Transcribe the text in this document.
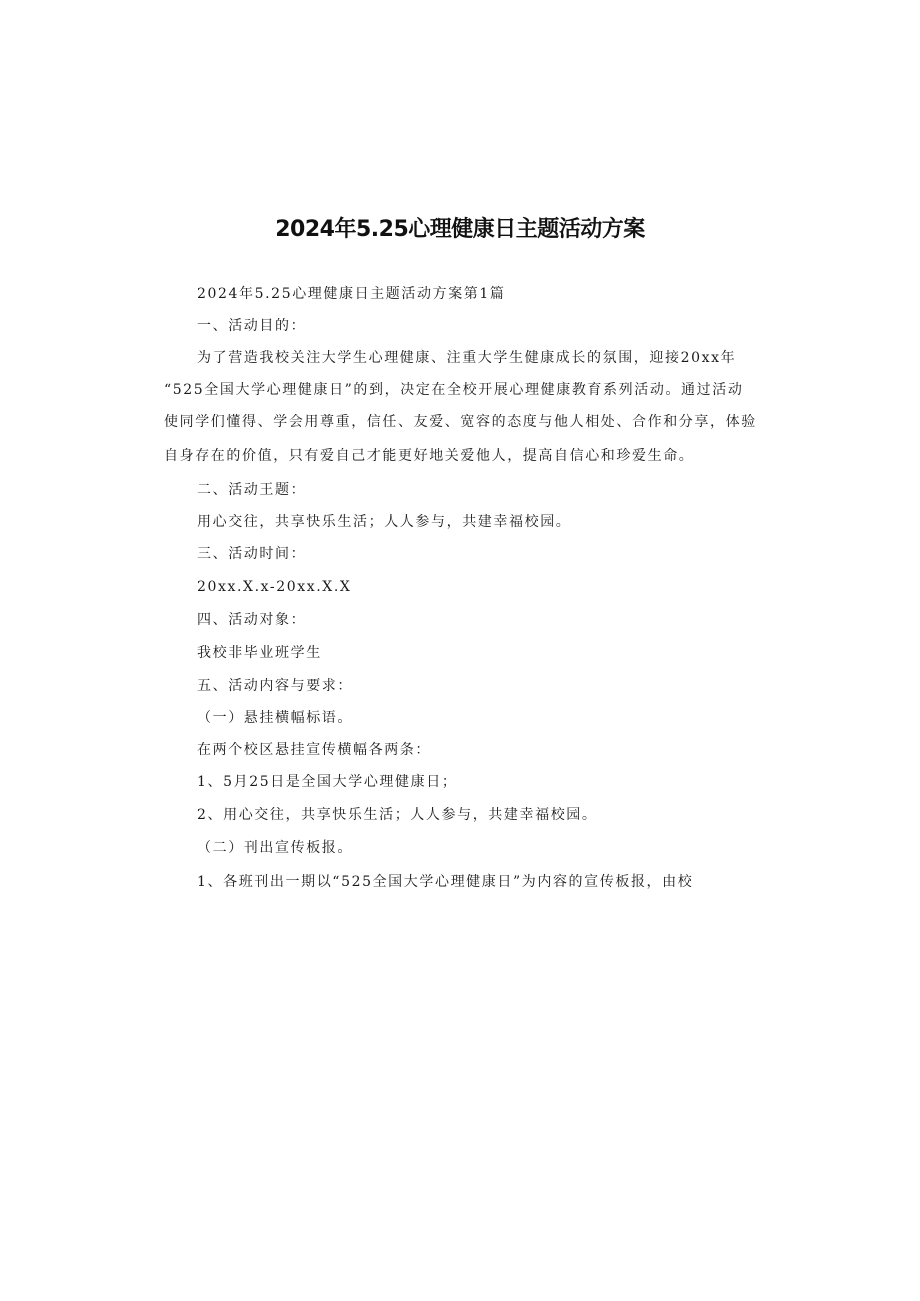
2024年5.25心理健康日主题活动方案
2024年5.25心理健康日主题活动方案第1篇
一、活动目的：
为了营造我校关注大学生心理健康、注重大学生健康成长的氛围，迎接20xx年
“525全国大学心理健康日”的到，决定在全校开展心理健康教育系列活动。通过活动
使同学们懂得、学会用尊重，信任、友爱、宽容的态度与他人相处、合作和分享，体验
自身存在的价值，只有爱自己才能更好地关爱他人，提高自信心和珍爱生命。
二、活动王题：
用心交往，共享快乐生活；人人参与，共建幸福校园。
三、活动时间：
20xx.X.x-20xx.X.X
四、活动对象：
我校非毕业班学生
五、活动内容与要求：
（一）悬挂横幅标语。
在两个校区悬挂宣传横幅各两条：
1、5月25日是全国大学心理健康日；
2、用心交往，共享快乐生活；人人参与，共建幸福校园。
（二）刊出宣传板报。
1、各班刊出一期以“525全国大学心理健康日”为内容的宣传板报，由校
